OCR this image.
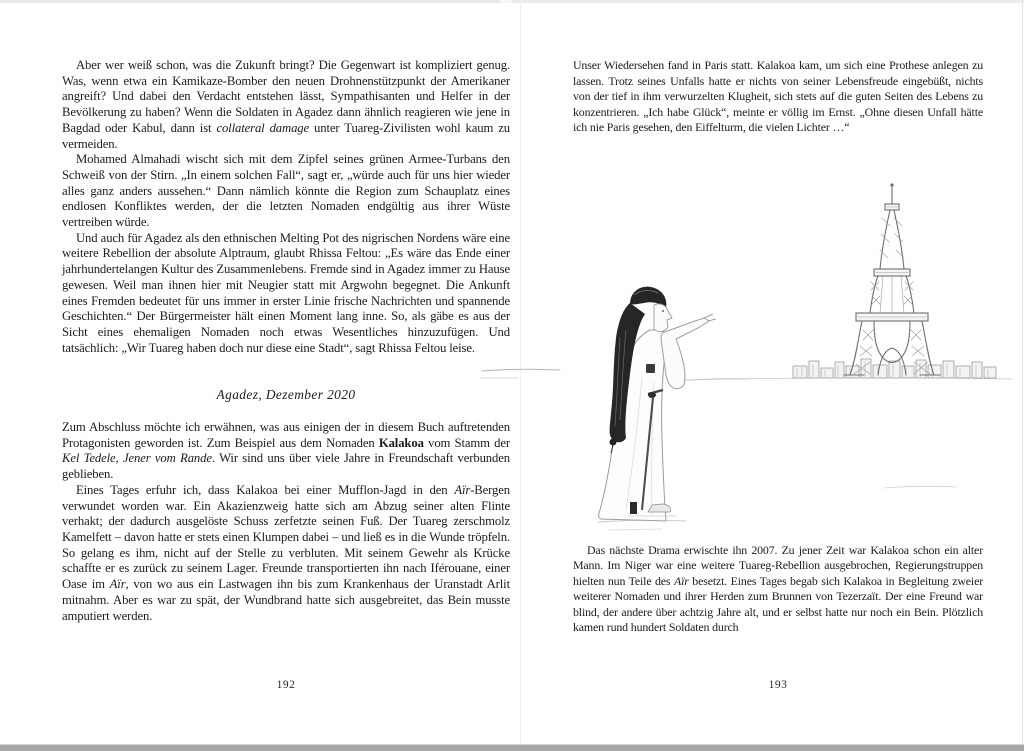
Aber wer weiß schon, was die Zukunft bringt? Die Gegenwart ist kompliziert genug. Was, wenn etwa ein Kamikaze-Bomber den neuen Drohnenstützpunkt der Amerikaner angreift? Und dabei den Verdacht entstehen lässt, Sympathisanten und Helfer in der Bevölkerung zu haben? Wenn die Soldaten in Agadez dann ähnlich reagieren wie jene in Bagdad oder Kabul, dann ist collateral damage unter Tuareg-Zivilisten wohl kaum zu vermeiden.

Mohamed Almahadi wischt sich mit dem Zipfel seines grünen Armee-Turbans den Schweiß von der Stirn. „In einem solchen Fall“, sagt er, „würde auch für uns hier wieder alles ganz anders aussehen.“ Dann nämlich könnte die Region zum Schauplatz eines endlosen Konfliktes werden, der die letzten Nomaden endgültig aus ihrer Wüste vertreiben würde.

Und auch für Agadez als den ethnischen Melting Pot des nigrischen Nordens wäre eine weitere Rebellion der absolute Alptraum, glaubt Rhissa Feltou: „Es wäre das Ende einer jahrhundertelangen Kultur des Zusammenlebens. Fremde sind in Agadez immer zu Hause gewesen. Weil man ihnen hier mit Neugier statt mit Argwohn begegnet. Die Ankunft eines Fremden bedeutet für uns immer in erster Linie frische Nachrichten und spannende Geschichten.“ Der Bürgermeister hält einen Moment lang inne. So, als gäbe es aus der Sicht eines ehemaligen Nomaden noch etwas Wesentliches hinzuzufügen. Und tatsächlich: „Wir Tuareg haben doch nur diese eine Stadt“, sagt Rhissa Feltou leise.

Agadez, Dezember 2020

Zum Abschluss möchte ich erwähnen, was aus einigen der in diesem Buch auftretenden Protagonisten geworden ist. Zum Beispiel aus dem Nomaden Kalakoa vom Stamm der Kel Tedele, Jener vom Rande. Wir sind uns über viele Jahre in Freundschaft verbunden geblieben.

Eines Tages erfuhr ich, dass Kalakoa bei einer Mufflon-Jagd in den Aïr-Bergen verwundet worden war. Ein Akazienzweig hatte sich am Abzug seiner alten Flinte verhakt; der dadurch ausgelöste Schuss zerfetzte seinen Fuß. Der Tuareg zerschmolz Kamelfett – davon hatte er stets einen Klumpen dabei – und ließ es in die Wunde tröpfeln. So gelang es ihm, nicht auf der Stelle zu verbluten. Mit seinem Gewehr als Krücke schaffte er es zurück zu seinem Lager. Freunde transportierten ihn nach Iférouane, einer Oase im Aïr, von wo aus ein Lastwagen ihn bis zum Krankenhaus der Uranstadt Arlit mitnahm. Aber es war zu spät, der Wundbrand hatte sich ausgebreitet, das Bein musste amputiert werden.

192

Unser Wiedersehen fand in Paris statt. Kalakoa kam, um sich eine Prothese anlegen zu lassen. Trotz seines Unfalls hatte er nichts von seiner Lebensfreude eingebüßt, nichts von der tief in ihm verwurzelten Klugheit, sich stets auf die guten Seiten des Lebens zu konzentrieren. „Ich habe Glück“, meinte er völlig im Ernst. „Ohne diesen Unfall hätte ich nie Paris gesehen, den Eiffelturm, die vielen Lichter …“

Das nächste Drama erwischte ihn 2007. Zu jener Zeit war Kalakoa schon ein alter Mann. Im Niger war eine weitere Tuareg-Rebellion ausgebrochen, Regierungstruppen hielten nun Teile des Aïr besetzt. Eines Tages begab sich Kalakoa in Begleitung zweier weiterer Nomaden und ihrer Herden zum Brunnen von Tezerzaït. Der eine Freund war blind, der andere über achtzig Jahre alt, und er selbst hatte nur noch ein Bein. Plötzlich kamen rund hundert Soldaten durch

193
